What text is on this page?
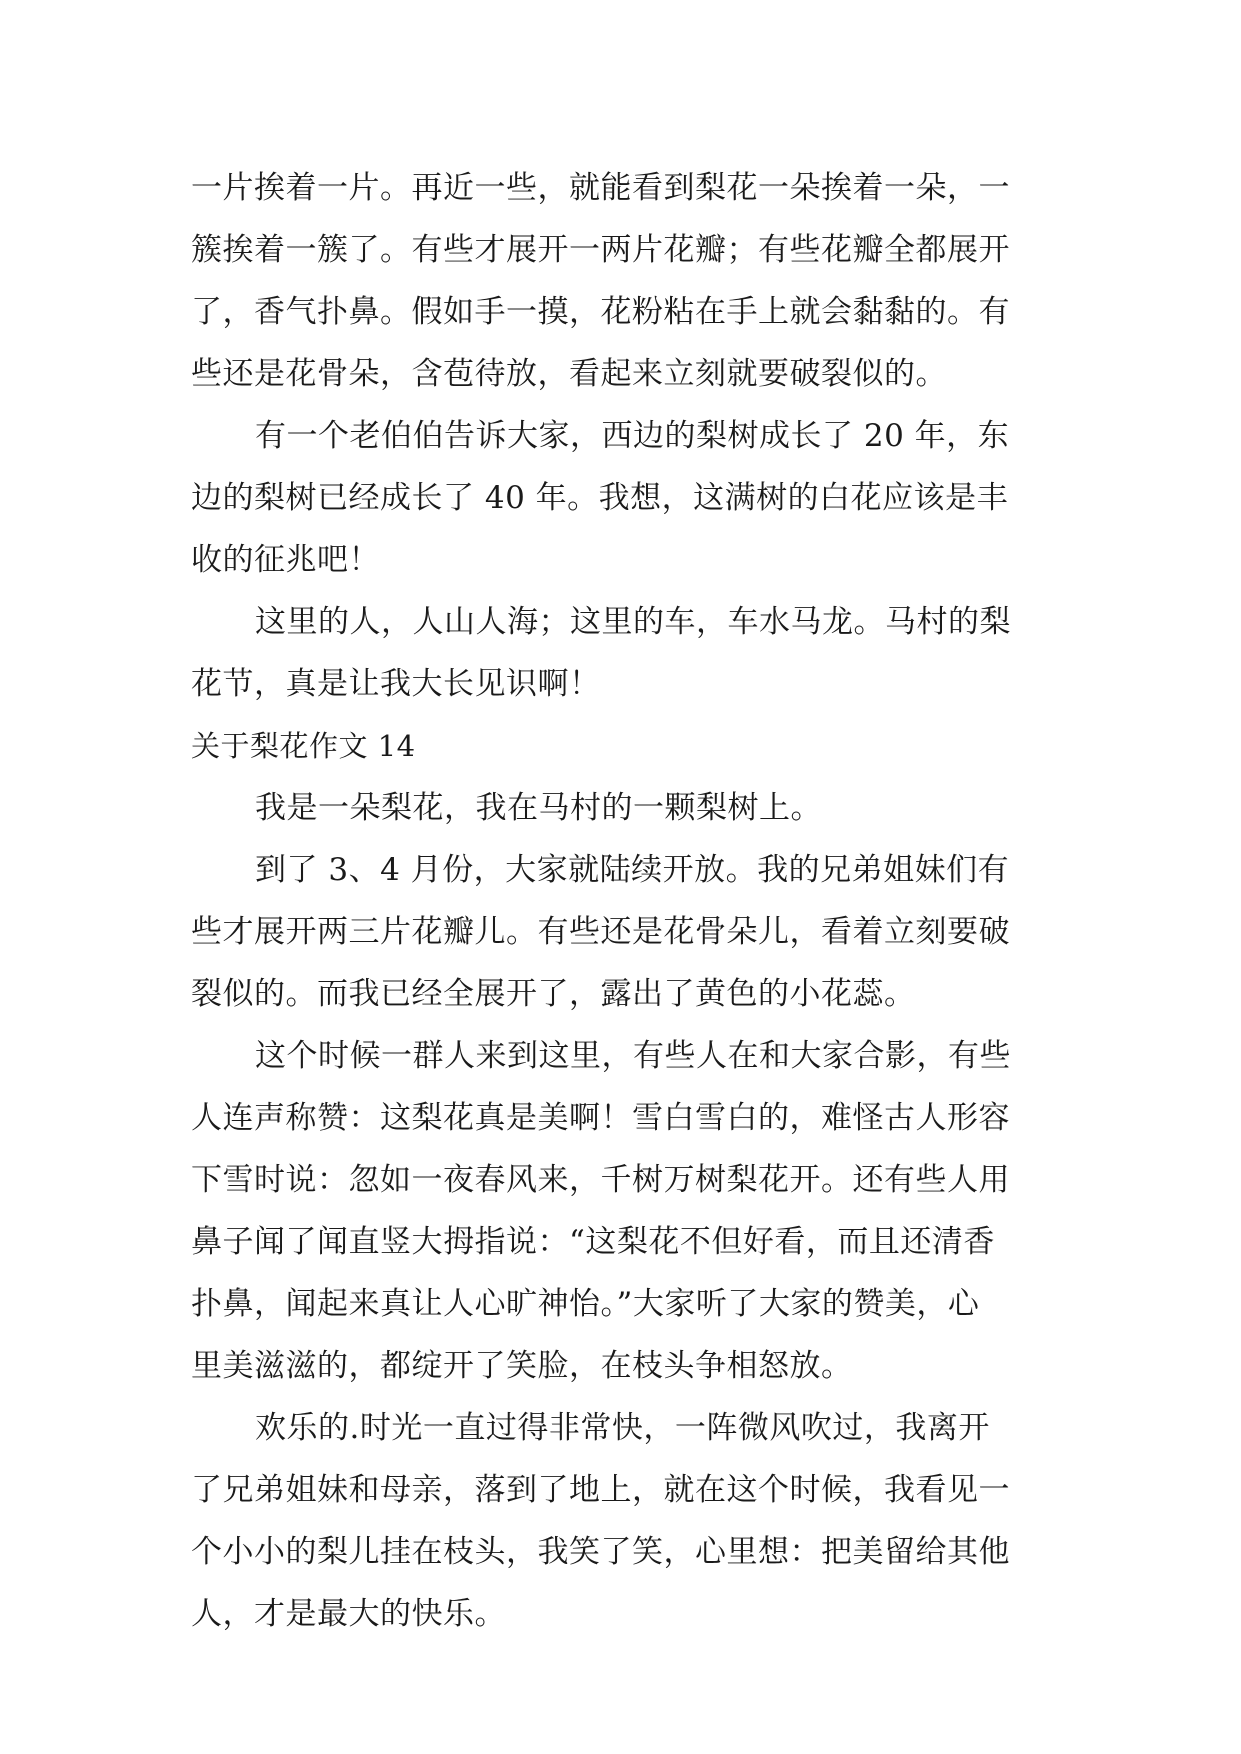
一片挨着一片。再近一些，就能看到梨花一朵挨着一朵，一
簇挨着一簇了。有些才展开一两片花瓣；有些花瓣全都展开
了，香气扑鼻。假如手一摸，花粉粘在手上就会黏黏的。有
些还是花骨朵，含苞待放，看起来立刻就要破裂似的。
有一个老伯伯告诉大家，西边的梨树成长了 20 年，东
边的梨树已经成长了 40 年。我想，这满树的白花应该是丰
收的征兆吧！
这里的人，人山人海；这里的车，车水马龙。马村的梨
花节，真是让我大长见识啊！
关于梨花作文 14
我是一朵梨花，我在马村的一颗梨树上。
到了 3、4 月份，大家就陆续开放。我的兄弟姐妹们有
些才展开两三片花瓣儿。有些还是花骨朵儿，看着立刻要破
裂似的。而我已经全展开了，露出了黄色的小花蕊。
这个时候一群人来到这里，有些人在和大家合影，有些
人连声称赞：这梨花真是美啊！雪白雪白的，难怪古人形容
下雪时说：忽如一夜春风来，千树万树梨花开。还有些人用
鼻子闻了闻直竖大拇指说：“这梨花不但好看，而且还清香
扑鼻，闻起来真让人心旷神怡。”大家听了大家的赞美，心
里美滋滋的，都绽开了笑脸，在枝头争相怒放。
欢乐的.时光一直过得非常快，一阵微风吹过，我离开
了兄弟姐妹和母亲，落到了地上，就在这个时候，我看见一
个小小的梨儿挂在枝头，我笑了笑，心里想：把美留给其他
人，才是最大的快乐。
